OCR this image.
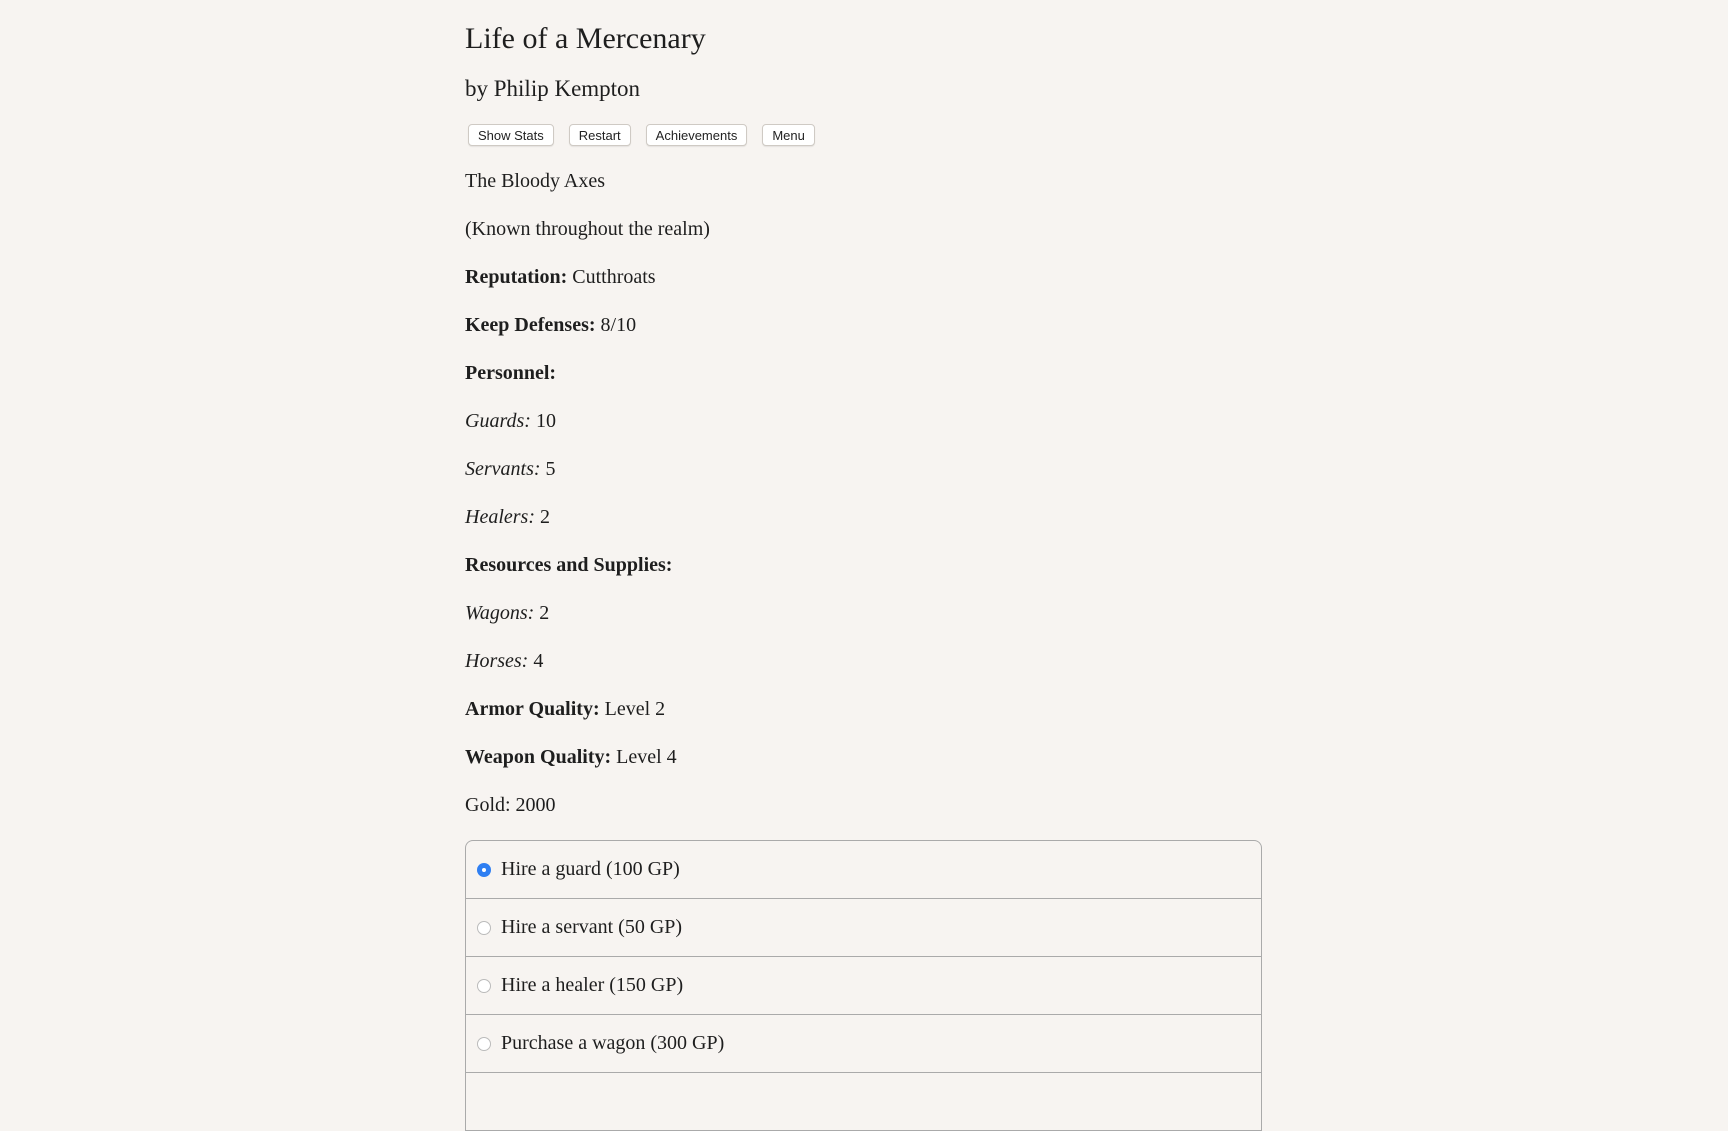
Life of a Mercenary
by Philip Kempton
Show Stats	Restart	Achievements	Menu

The Bloody Axes

(Known throughout the realm)

Reputation: Cutthroats

Keep Defenses: 8/10

Personnel:

Guards: 10

Servants: 5

Healers: 2

Resources and Supplies:

Wagons: 2

Horses: 4

Armor Quality: Level 2

Weapon Quality: Level 4

Gold: 2000

Hire a guard (100 GP)
Hire a servant (50 GP)
Hire a healer (150 GP)
Purchase a wagon (300 GP)
